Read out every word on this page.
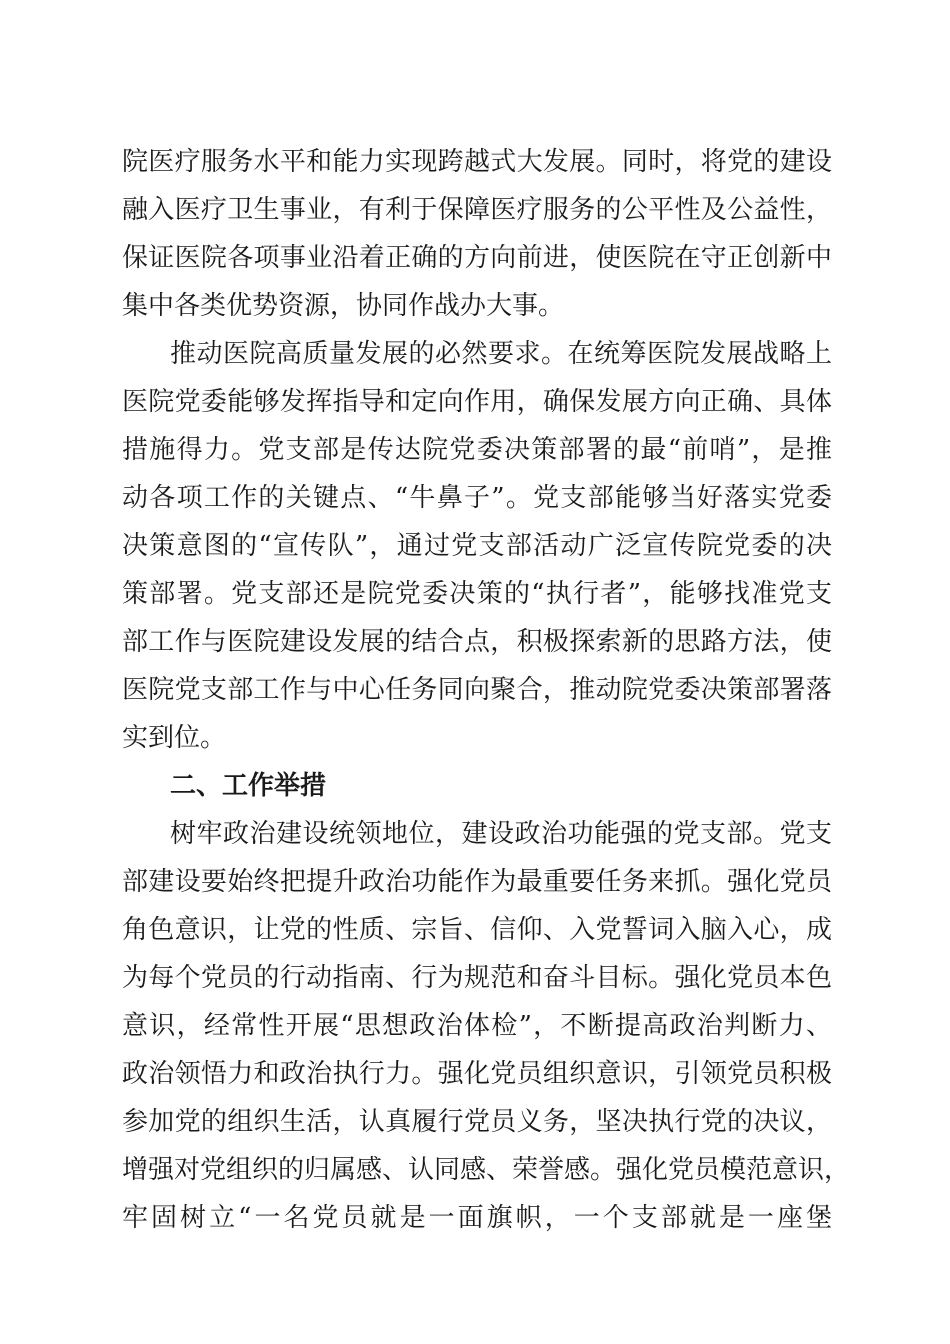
院医疗服务水平和能力实现跨越式大发展。同时，将党的建设
融入医疗卫生事业，有利于保障医疗服务的公平性及公益性，
保证医院各项事业沿着正确的方向前进，使医院在守正创新中
集中各类优势资源，协同作战办大事。
推动医院高质量发展的必然要求。在统筹医院发展战略上
医院党委能够发挥指导和定向作用，确保发展方向正确、具体
措施得力。党支部是传达院党委决策部署的最“前哨”，是推
动各项工作的关键点、“牛鼻子”。党支部能够当好落实党委
决策意图的“宣传队”，通过党支部活动广泛宣传院党委的决
策部署。党支部还是院党委决策的“执行者”，能够找准党支
部工作与医院建设发展的结合点，积极探索新的思路方法，使
医院党支部工作与中心任务同向聚合，推动院党委决策部署落
实到位。
二、工作举措
树牢政治建设统领地位，建设政治功能强的党支部。党支
部建设要始终把提升政治功能作为最重要任务来抓。强化党员
角色意识，让党的性质、宗旨、信仰、入党誓词入脑入心，成
为每个党员的行动指南、行为规范和奋斗目标。强化党员本色
意识，经常性开展“思想政治体检”，不断提高政治判断力、
政治领悟力和政治执行力。强化党员组织意识，引领党员积极
参加党的组织生活，认真履行党员义务，坚决执行党的决议，
增强对党组织的归属感、认同感、荣誉感。强化党员模范意识，
牢固树立“一名党员就是一面旗帜，一个支部就是一座堡
